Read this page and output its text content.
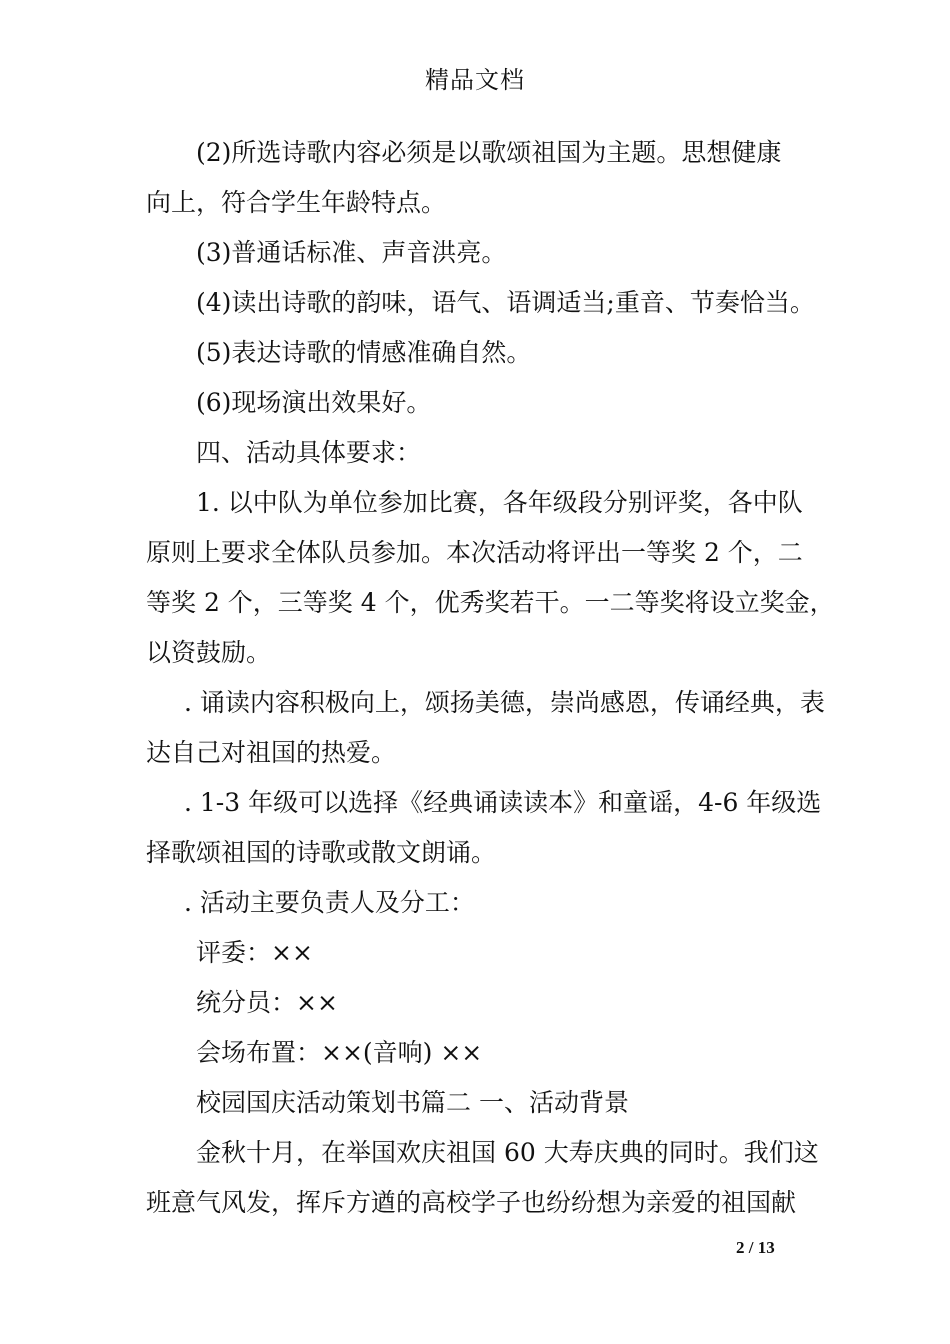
精品文档
(2)所选诗歌内容必须是以歌颂祖国为主题。思想健康
向上，符合学生年龄特点。
(3)普通话标准、声音洪亮。
(4)读出诗歌的韵味，语气、语调适当;重音、节奏恰当。
(5)表达诗歌的情感准确自然。
(6)现场演出效果好。
四、活动具体要求：
1. 以中队为单位参加比赛，各年级段分别评奖，各中队
原则上要求全体队员参加。本次活动将评出一等奖 2 个，二
等奖 2 个，三等奖 4 个，优秀奖若干。一二等奖将设立奖金，
以资鼓励。
. 诵读内容积极向上，颂扬美德，崇尚感恩，传诵经典，表
达自己对祖国的热爱。
. 1-3 年级可以选择《经典诵读读本》和童谣，4-6 年级选
择歌颂祖国的诗歌或散文朗诵。
. 活动主要负责人及分工：
评委：××
统分员：××
会场布置：××(音响) ××
校园国庆活动策划书篇二 一、活动背景
金秋十月，在举国欢庆祖国 60 大寿庆典的同时。我们这
班意气风发，挥斥方遒的高校学子也纷纷想为亲爱的祖国献
2 / 13
